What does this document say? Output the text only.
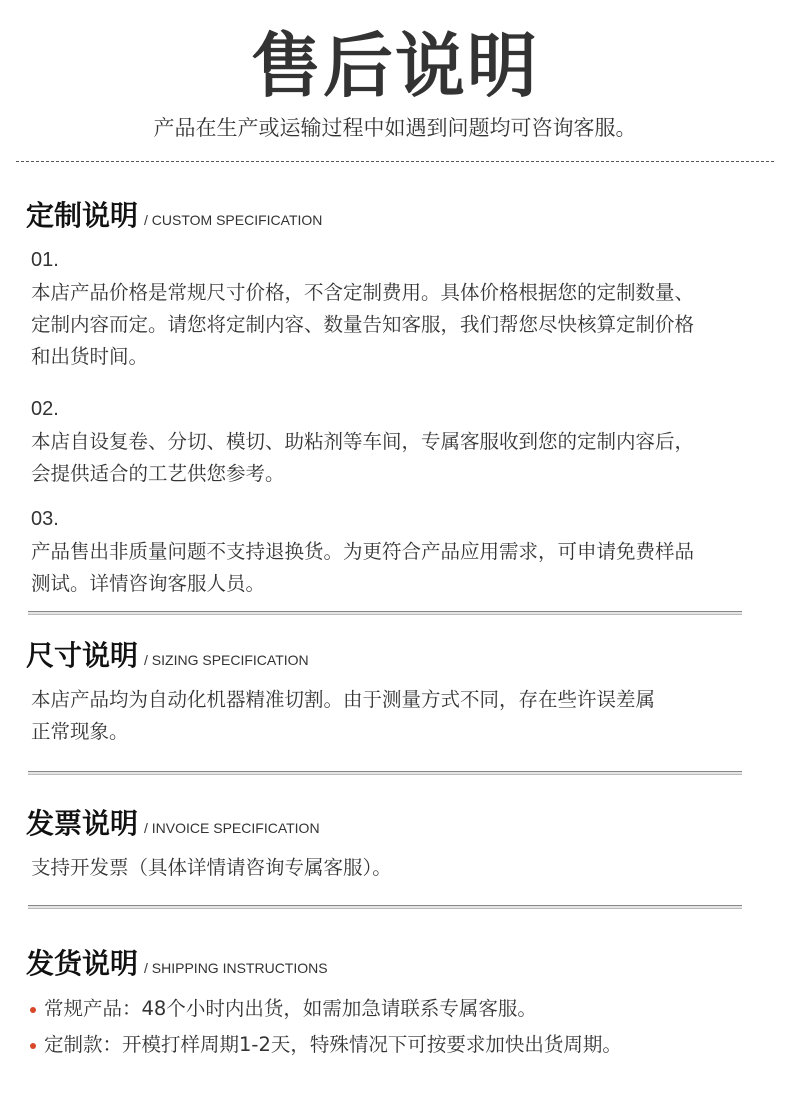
售后说明
产品在生产或运输过程中如遇到问题均可咨询客服。
定制说明 / CUSTOM SPECIFICATION
01.
本店产品价格是常规尺寸价格，不含定制费用。具体价格根据您的定制数量、
定制内容而定。请您将定制内容、数量告知客服，我们帮您尽快核算定制价格
和出货时间。
02.
本店自设复卷、分切、模切、助粘剂等车间，专属客服收到您的定制内容后，
会提供适合的工艺供您参考。
03.
产品售出非质量问题不支持退换货。为更符合产品应用需求，可申请免费样品
测试。详情咨询客服人员。
尺寸说明 / SIZING SPECIFICATION
本店产品均为自动化机器精准切割。由于测量方式不同，存在些许误差属
正常现象。
发票说明 / INVOICE SPECIFICATION
支持开发票（具体详情请咨询专属客服）。
发货说明 / SHIPPING INSTRUCTIONS
常规产品：48个小时内出货，如需加急请联系专属客服。
定制款：开模打样周期1-2天，特殊情况下可按要求加快出货周期。
